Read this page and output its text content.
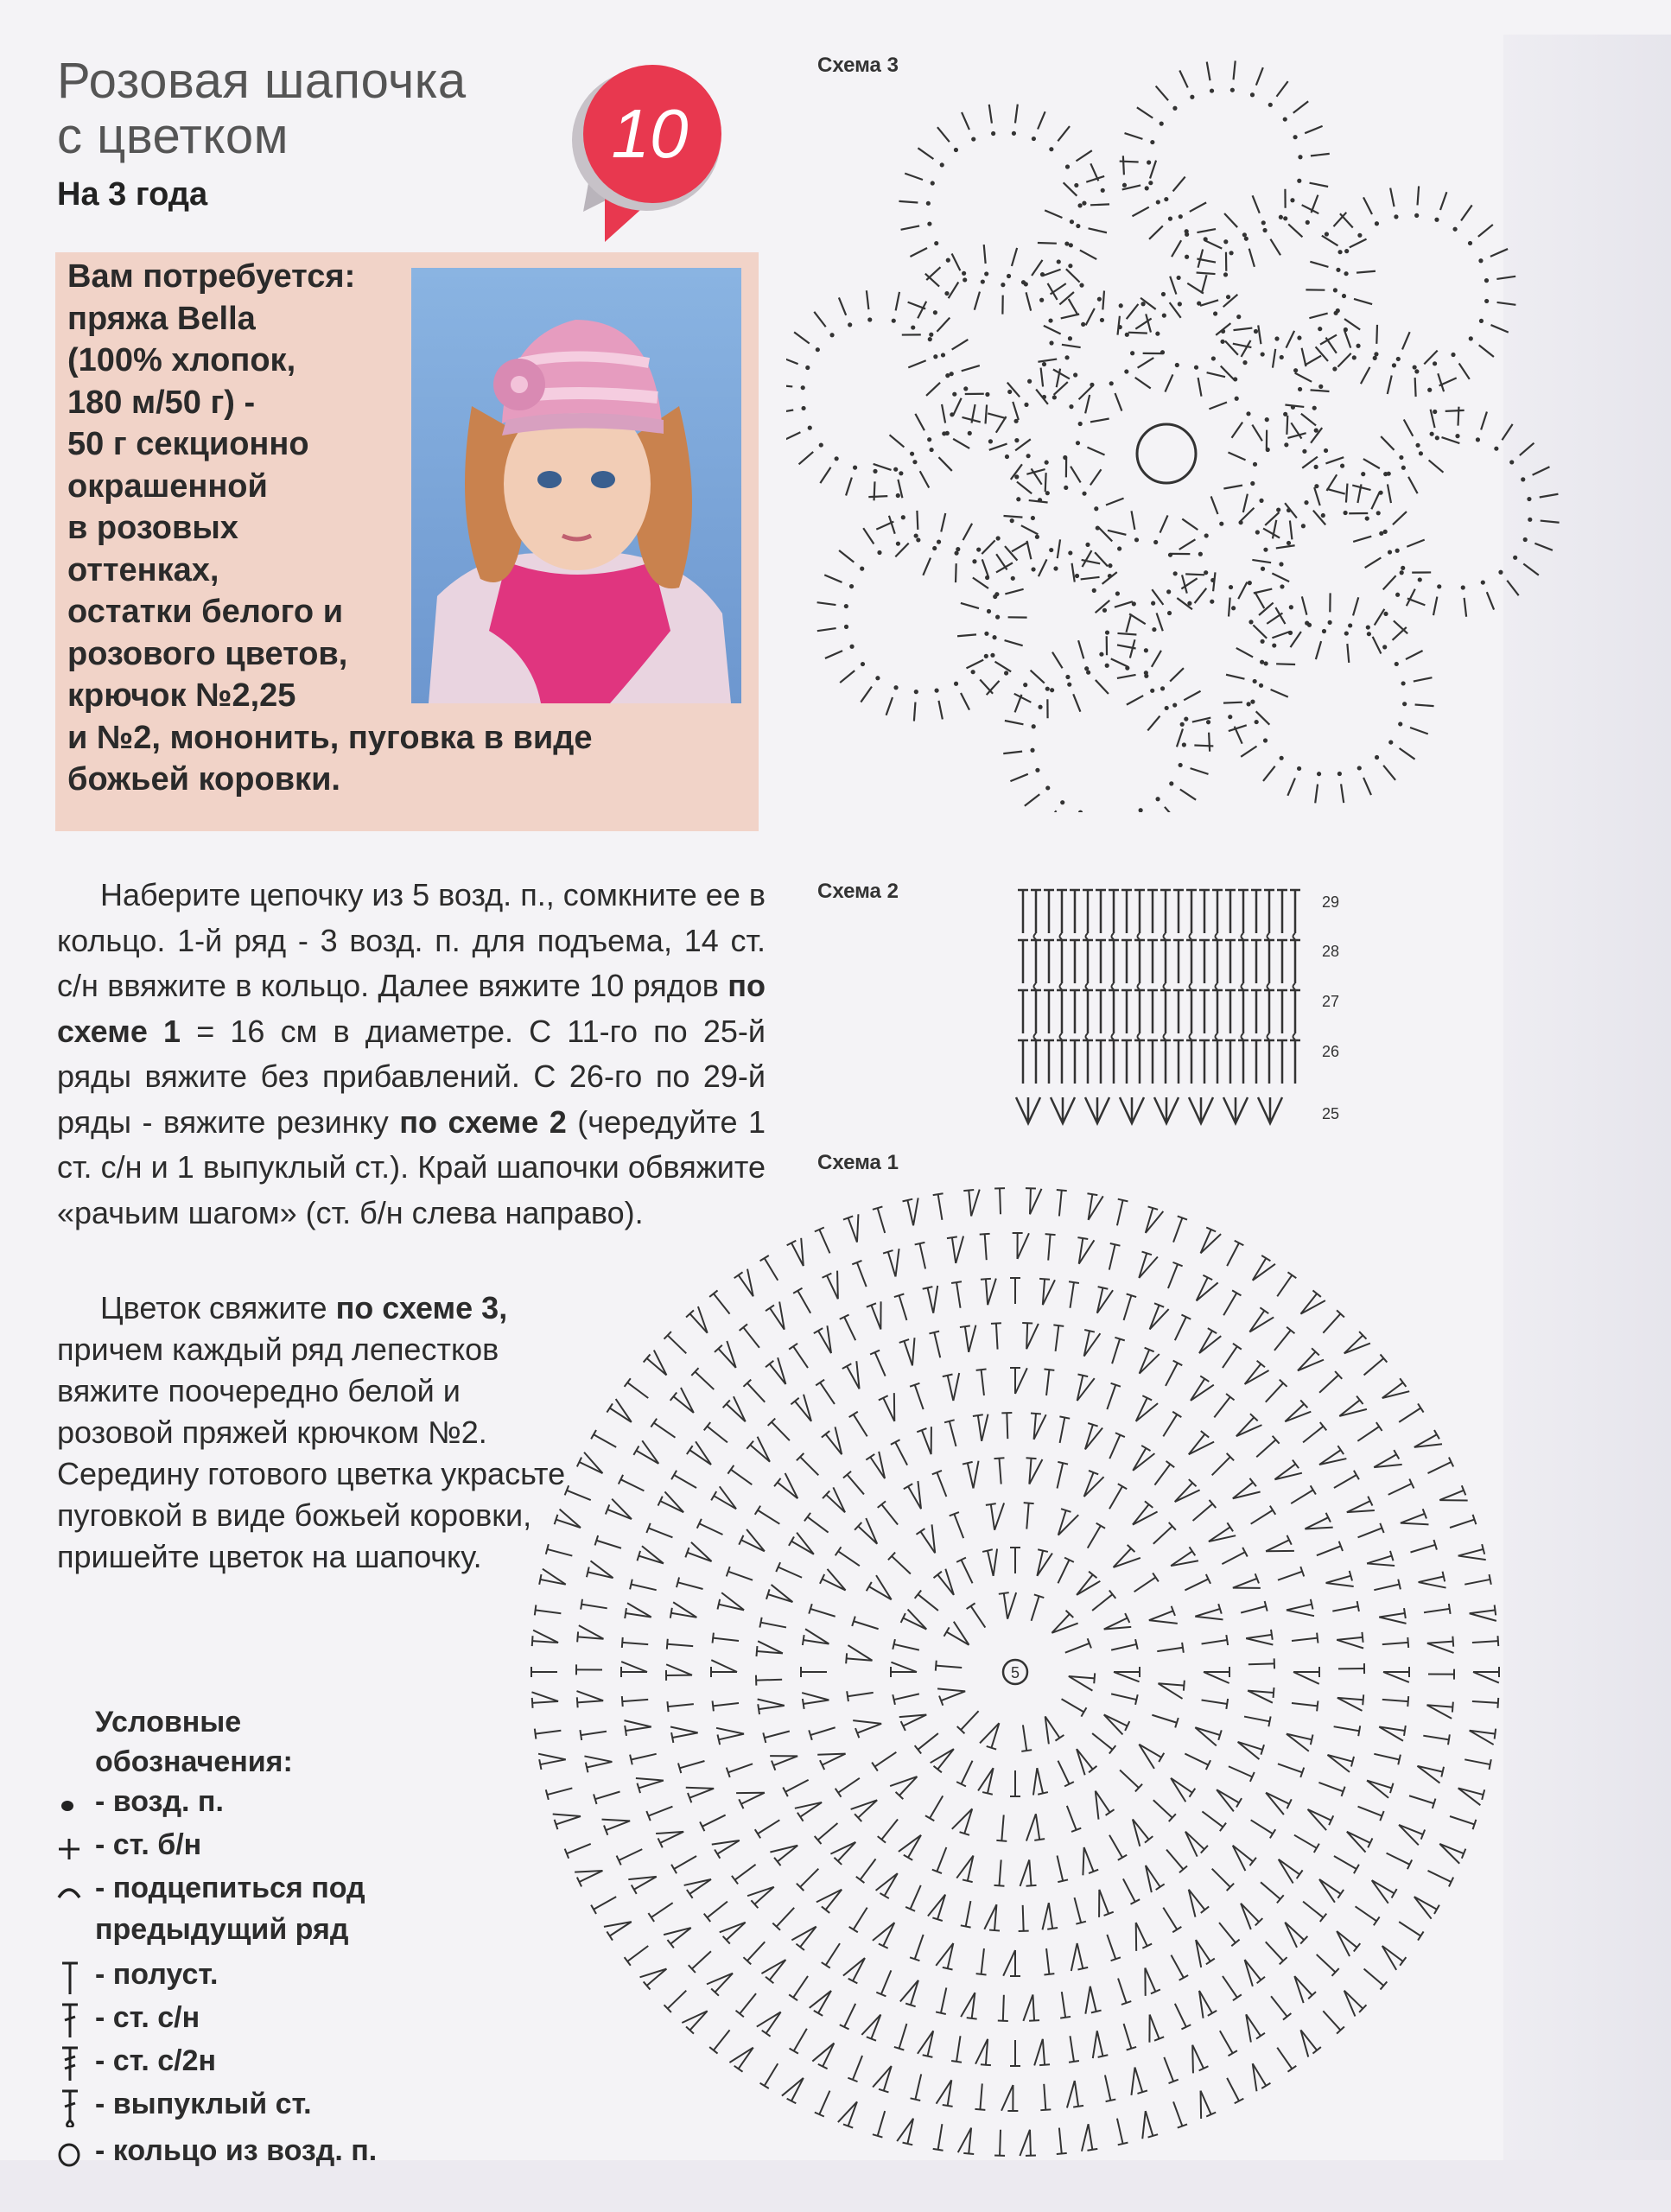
Розовая шапочка
с цветком
На 3 года
10
Вам потребуется:
пряжа Bella
(100% хлопок,
180 м/50 г) -
50 г секционно
окрашенной
в розовых
оттенках,
остатки белого и
розового цветов,
крючок №2,25
и №2, мононить, пуговка в виде
божьей коровки.

Наберите цепочку из 5 возд. п., сомкните ее в кольцо. 1-й ряд - 3 возд. п. для подъема, 14 ст. с/н ввяжите в кольцо. Далее вяжите 10 рядов по схеме 1 = 16 см в диаметре. С 11-го по 25-й ряды вяжите без прибавлений. С 26-го по 29-й ряды - вяжите резинку по схеме 2 (чередуйте 1 ст. с/н и 1 выпуклый ст.). Край шапочки обвяжите «рачьим шагом» (ст. б/н слева направо).

Цветок свяжите по схеме 3, причем каждый ряд лепестков вяжите поочередно белой и розовой пряжей крючком №2. Середину готового цветка украсьте пуговкой в виде божьей коровки, пришейте цветок на шапочку.

Условные
обозначения:
- возд. п.
- ст. б/н
- подцепиться под
предыдущий ряд
- полуст.
- ст. с/н
- ст. с/2н
- выпуклый ст.
- кольцо из возд. п.
Схема 3
Схема 2
Схема 1
29
28
27
26
25
5
